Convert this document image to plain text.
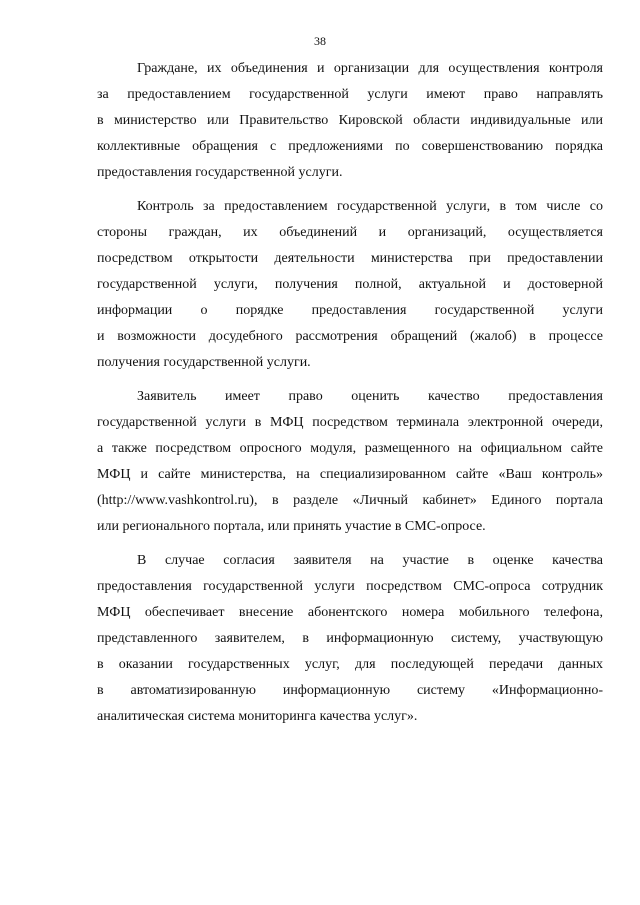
38

Граждане, их объединения и организации для осуществления контроля
за предоставлением государственной услуги имеют право направлять
в министерство или Правительство Кировской области индивидуальные или
коллективные обращения с предложениями по совершенствованию порядка
предоставления государственной услуги.

Контроль за предоставлением государственной услуги, в том числе со
стороны граждан, их объединений и организаций, осуществляется
посредством открытости деятельности министерства при предоставлении
государственной услуги, получения полной, актуальной и достоверной
информации о порядке предоставления государственной услуги
и возможности досудебного рассмотрения обращений (жалоб) в процессе
получения государственной услуги.

Заявитель имеет право оценить качество предоставления
государственной услуги в МФЦ посредством терминала электронной очереди,
а также посредством опросного модуля, размещенного на официальном сайте
МФЦ и сайте министерства, на специализированном сайте «Ваш контроль»
(http://www.vashkontrol.ru), в разделе «Личный кабинет» Единого портала
или регионального портала, или принять участие в СМС-опросе.

В случае согласия заявителя на участие в оценке качества
предоставления государственной услуги посредством СМС-опроса сотрудник
МФЦ обеспечивает внесение абонентского номера мобильного телефона,
представленного заявителем, в информационную систему, участвующую
в оказании государственных услуг, для последующей передачи данных
в автоматизированную информационную систему «Информационно-
аналитическая система мониторинга качества услуг».
